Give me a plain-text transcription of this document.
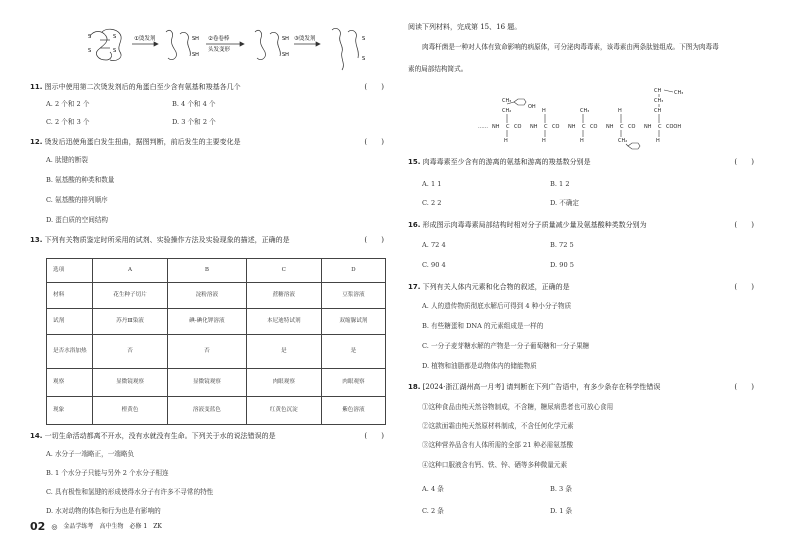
S	S
S	S
①烫发剂	SH
SH
②卷卷棒
头发变形
SH
SH
③烫发剂	S
S
11. 图示中使用第二次烫发剂后的角蛋白至少含有氨基和羧基各几个	( )
A. 2 个和 2 个	B. 4 个和 4 个
C. 2 个和 3 个	D. 3 个和 2 个
12. 烫发后迅使角蛋白发生扭曲，据图判断，前后发生的主要变化是	( )
A. 肽键的断裂
B. 氨基酸的种类和数量
C. 氨基酸的排列顺序
D. 蛋白质的空间结构
13. 下列有关物质鉴定时所采用的试剂、实验操作方法及实验现象的描述，正确的是	( )
选项	A	B	C	D
材料	花生种子切片	淀粉溶液	蔗糖溶液	豆浆溶液
试剂	苏丹Ⅲ染液	碘-碘化钾溶液	本尼迪特试剂	双缩脲试剂
是否水浴加热	否	否	是	是
观察	显微镜观察	显微镜观察	肉眼观察	肉眼观察
现象	橙黄色	溶液变蓝色	红黄色沉淀	紫色溶液
14. 一切生命活动都离不开水，没有水就没有生命。下列关于水的说法错误的是	( )
A. 水分子一端略正，一端略负
B. 1 个水分子只能与另外 2 个水分子相连
C. 具有极性和氢键的形成使得水分子有许多不寻常的特性
D. 水对动物的体色和行为也是有影响的
02 ◎ 金品学练考 高中生物 必修 1 ZK
阅读下列材料，完成第 15、16 题。
肉毒杆菌是一种对人体有致命影响的病原体，可分泌肉毒毒素，该毒素由两条肽链组成。下图为肉毒毒
素的局部结构简式。
…… NH C CO NH C CO NH C CO NH C CO NH C COOH
CH₂
CH₃
H	H
H	CH₃
H	CH₂
H
CH₃
CH
CH
H
CH₃
OH
15. 肉毒毒素至少含有的游离的氨基和游离的羧基数分别是	( )
A. 1 1	B. 1 2
C. 2 2	D. 不确定
16. 形成图示肉毒毒素局部结构时相对分子质量减少量及氨基酸种类数分别为	( )
A. 72 4	B. 72 5
C. 90 4	D. 90 5
17. 下列有关人体内元素和化合物的叙述，正确的是	( )
A. 人的遗传物质彻底水解后可得到 4 种小分子物质
B. 有些糖蛋和 DNA 的元素组成是一样的
C. 一分子麦芽糖水解的产物是一分子葡萄糖和一分子果糖
D. 植物和油脂都是动物体内的储能物质
18. [2024·浙江湖州高一月考] 请判断在下列广告语中，有多少条存在科学性错误	( )
①这种食品由纯天然谷物制成，不含糖，糖尿病患者也可放心食用
②这款面霜由纯天然原材料制成，不含任何化学元素
③这种营养品含有人体所需的全部 21 种必需氨基酸
④这种口服液含有钙、铁、锌、硒等多种微量元素
A. 4 条	B. 3 条
C. 2 条	D. 1 条
